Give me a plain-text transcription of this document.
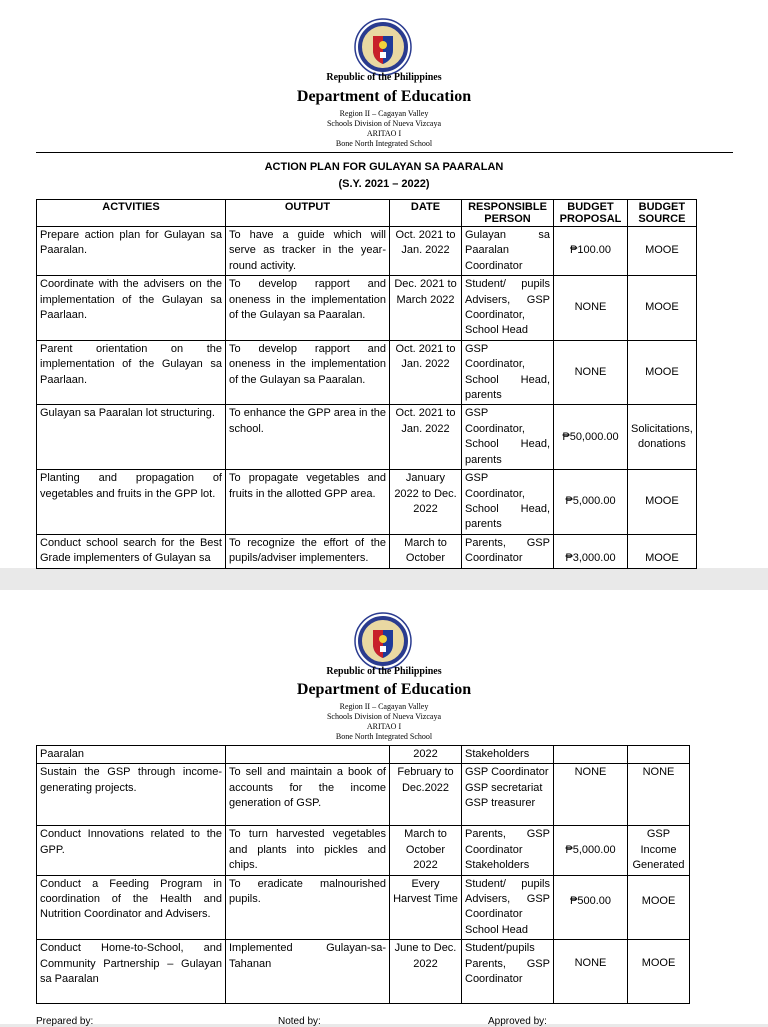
Republic of the Philippines
Department of Education
Region II – Cagayan Valley
Schools Division of Nueva Vizcaya
ARITAO I
Bone North Integrated School
ACTION PLAN FOR GULAYAN SA PAARALAN
(S.Y. 2021 – 2022)
ACTVITIES	OUTPUT	DATE	RESPONSIBLE PERSON	BUDGET PROPOSAL	BUDGET SOURCE
Prepare action plan for Gulayan sa Paaralan.	To have a guide which will serve as tracker in the year-round activity.	Oct. 2021 to Jan. 2022	Gulayan sa Paaralan Coordinator	₱100.00	MOOE
Coordinate with the advisers on the implementation of the Gulayan sa Paarlaan.	To develop rapport and oneness in the implementation of the Gulayan sa Paaralan.	Dec. 2021 to March 2022	Student/ pupils Advisers, GSP Coordinator, School Head	NONE	MOOE
Parent orientation on the implementation of the Gulayan sa Paarlaan.	To develop rapport and oneness in the implementation of the Gulayan sa Paaralan.	Oct. 2021 to Jan. 2022	GSP Coordinator, School Head, parents	NONE	MOOE
Gulayan sa Paaralan lot structuring.	To enhance the GPP area in the school.	Oct. 2021 to Jan. 2022	GSP Coordinator, School Head, parents	₱50,000.00	Solicitations, donations
Planting and propagation of vegetables and fruits in the GPP lot.	To propagate vegetables and fruits in the allotted GPP area.	January 2022 to Dec. 2022	GSP Coordinator, School Head, parents	₱5,000.00	MOOE
Conduct school search for the Best Grade implementers of Gulayan sa	To recognize the effort of the pupils/adviser implementers.	March to October	Parents, GSP Coordinator	₱3,000.00	MOOE
Republic of the Philippines
Department of Education
Region II – Cagayan Valley
Schools Division of Nueva Vizcaya
ARITAO I
Bone North Integrated School
Paaralan		2022	Stakeholders		
Sustain the GSP through income-generating projects.	To sell and maintain a book of accounts for the income generation of GSP.	February to Dec.2022	GSP Coordinator GSP secretariat GSP treasurer	NONE	NONE
Conduct Innovations related to the GPP.	To turn harvested vegetables and plants into pickles and chips.	March to October 2022	Parents, GSP Coordinator Stakeholders	₱5,000.00	GSP Income Generated
Conduct a Feeding Program in coordination of the Health and Nutrition Coordinator and Advisers.	To eradicate malnourished pupils.	Every Harvest Time	Student/ pupils Advisers, GSP Coordinator School Head	₱500.00	MOOE
Conduct Home-to-School, and Community Partnership – Gulayan sa Paaralan	Implemented Gulayan-sa-Tahanan	June to Dec. 2022	Student/pupils Parents, GSP Coordinator	NONE	MOOE
Prepared by:	Noted by:	Approved by:
